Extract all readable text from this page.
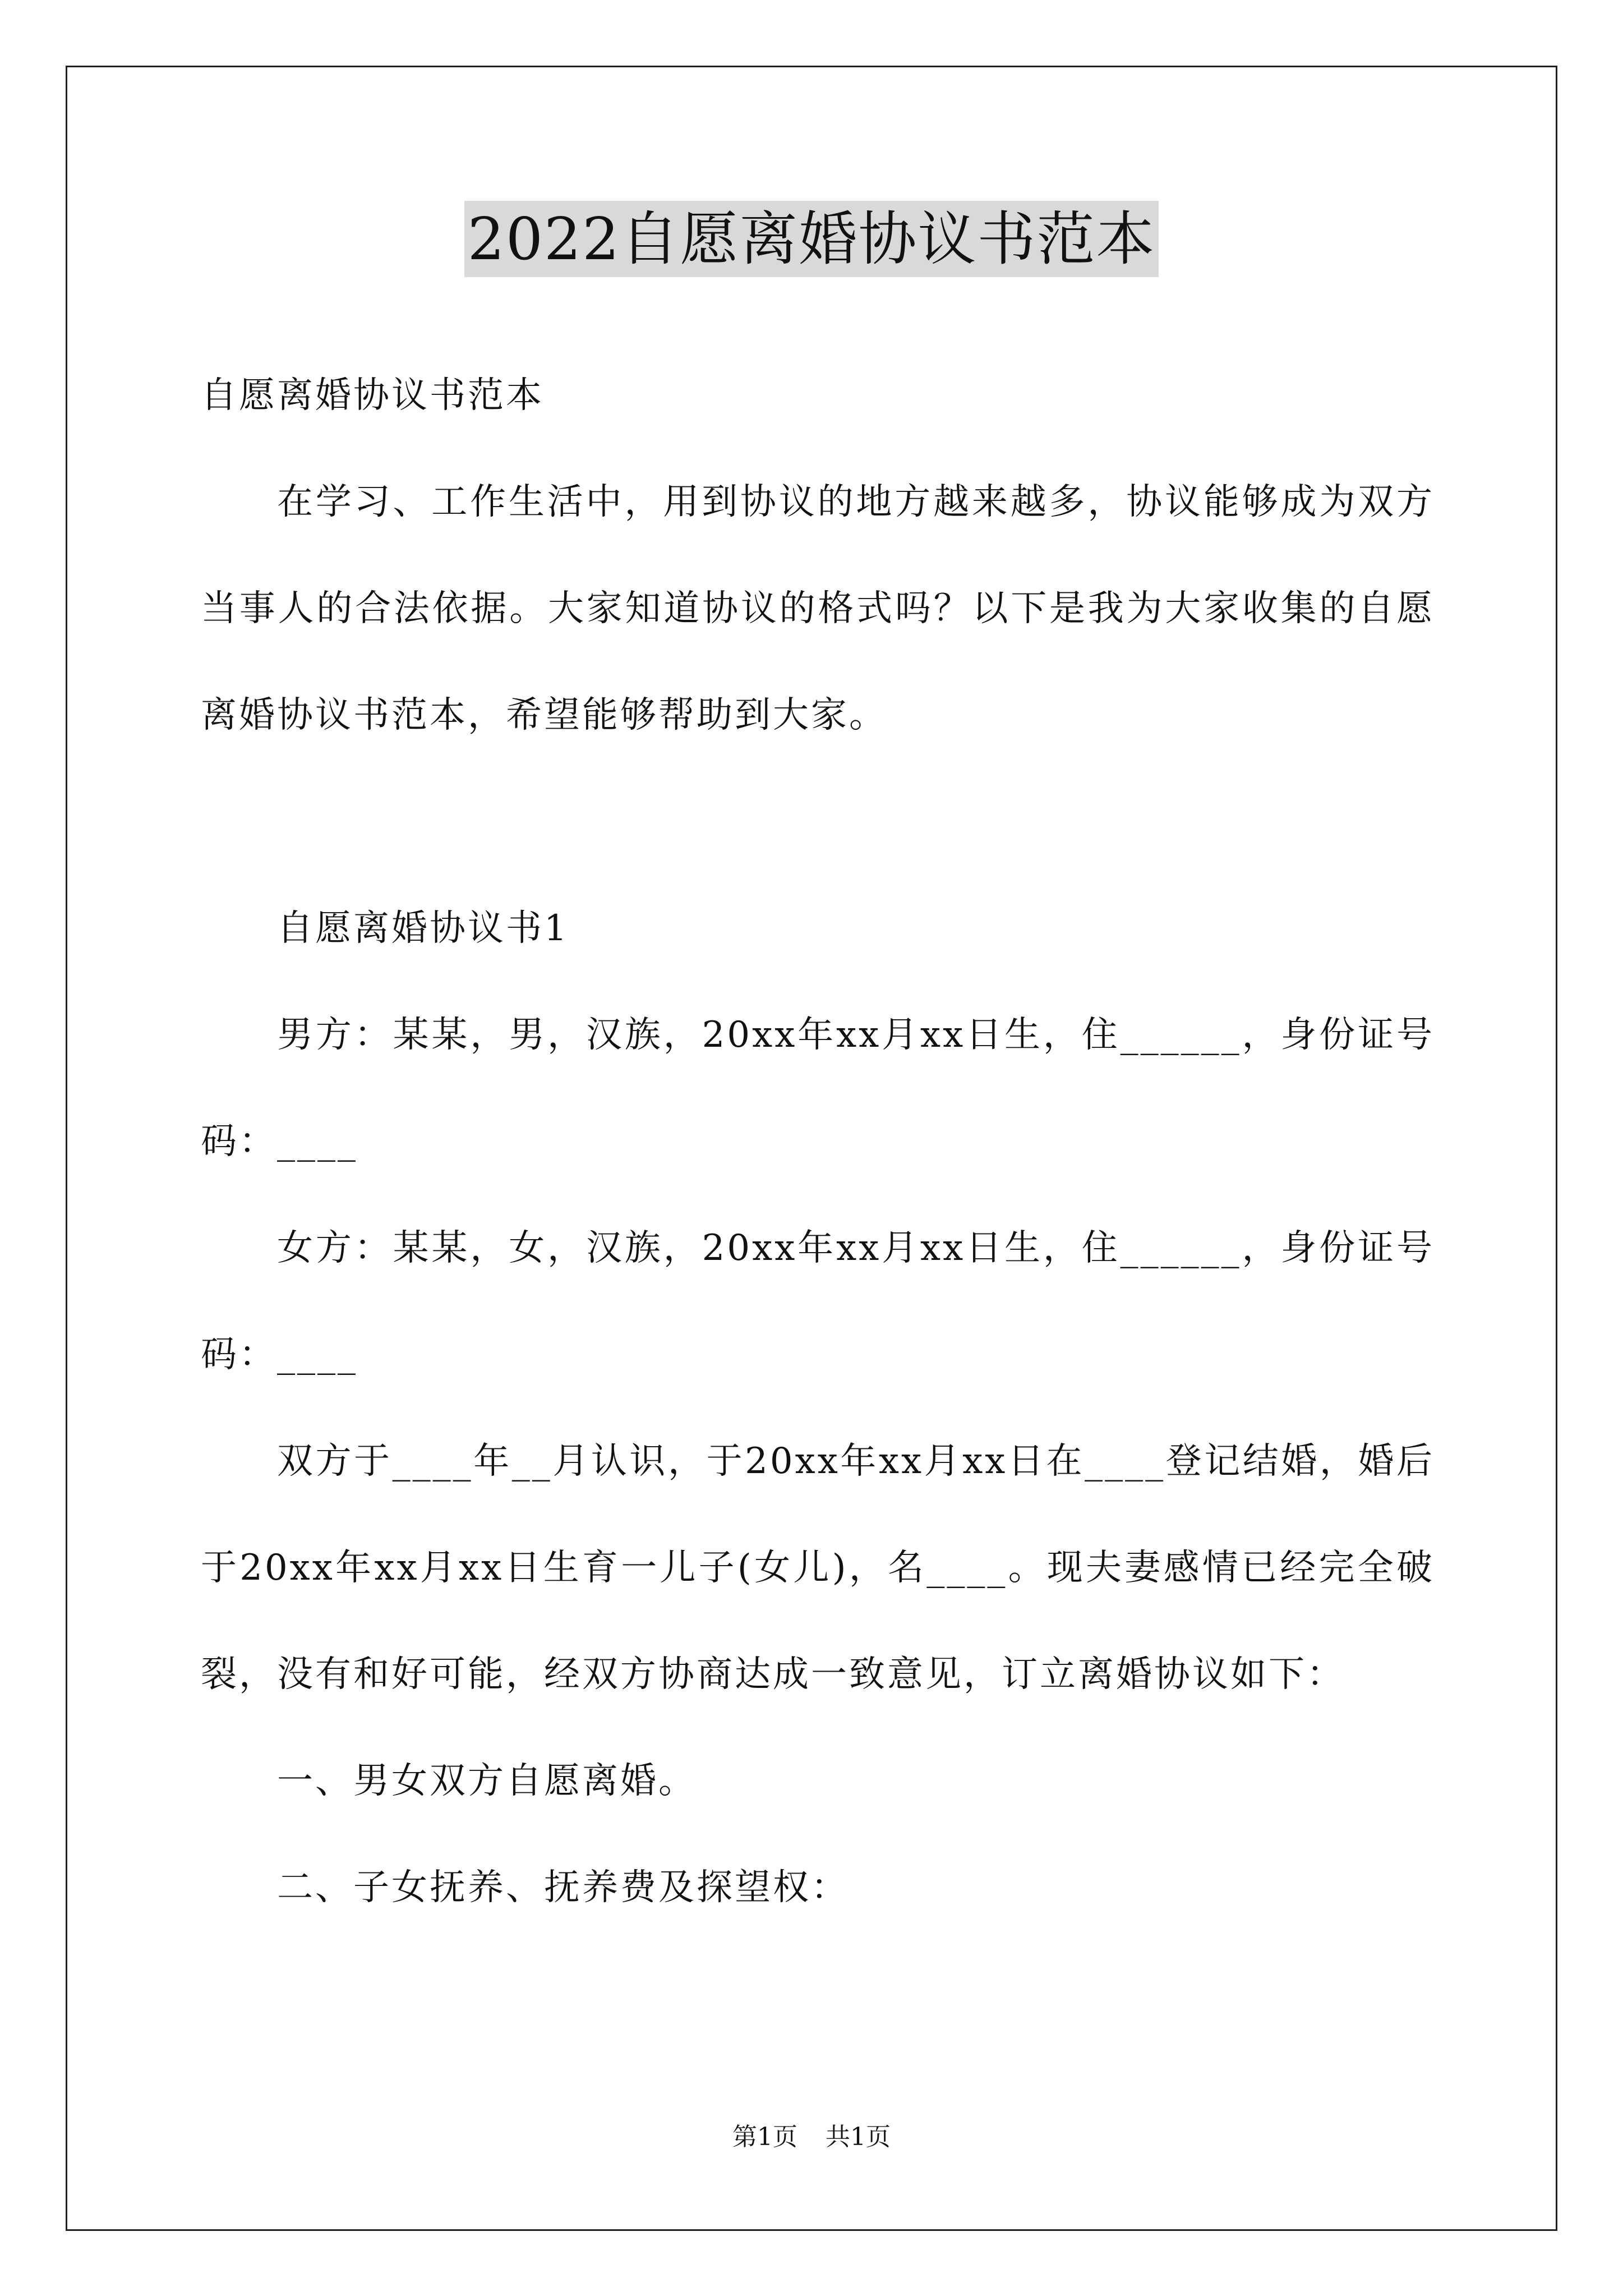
2022自愿离婚协议书范本

自愿离婚协议书范本

在学习、工作生活中，用到协议的地方越来越多，协议能够成为双方当事人的合法依据。大家知道协议的格式吗？以下是我为大家收集的自愿离婚协议书范本，希望能够帮助到大家。

自愿离婚协议书1

男方：某某，男，汉族，20xx年xx月xx日生，住______，身份证号码：____

女方：某某，女，汉族，20xx年xx月xx日生，住______，身份证号码：____

双方于____年__月认识，于20xx年xx月xx日在____登记结婚，婚后于20xx年xx月xx日生育一儿子(女儿)，名____。现夫妻感情已经完全破裂，没有和好可能，经双方协商达成一致意见，订立离婚协议如下：

一、男女双方自愿离婚。

二、子女抚养、抚养费及探望权：

第1页 共1页
